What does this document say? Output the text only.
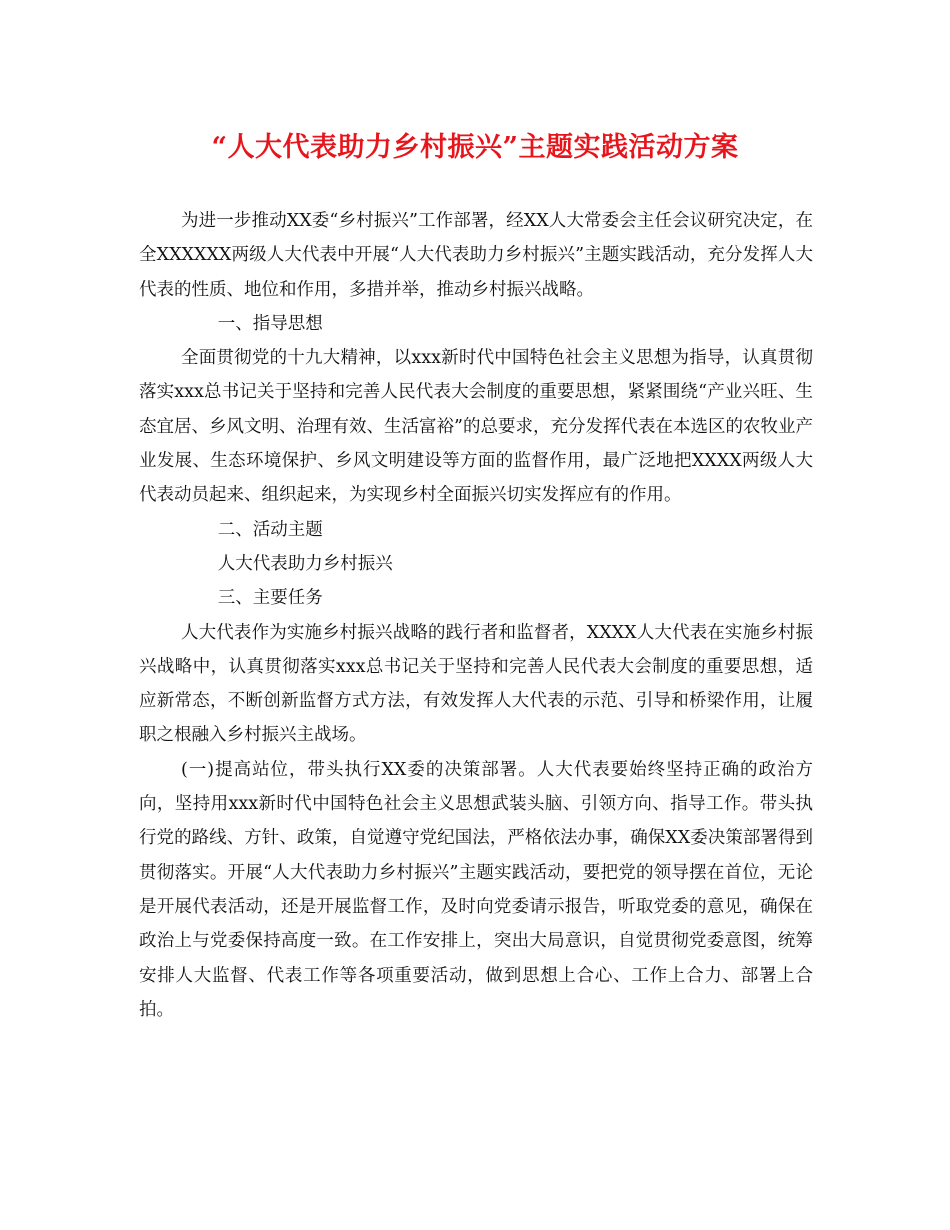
“人大代表助力乡村振兴”主题实践活动方案

为进一步推动XX委“乡村振兴”工作部署，经XX人大常委会主任会议研究决定，在全XXXXXX两级人大代表中开展“人大代表助力乡村振兴”主题实践活动，充分发挥人大代表的性质、地位和作用，多措并举，推动乡村振兴战略。

一、指导思想

全面贯彻党的十九大精神，以xxx新时代中国特色社会主义思想为指导，认真贯彻落实xxx总书记关于坚持和完善人民代表大会制度的重要思想，紧紧围绕“产业兴旺、生态宜居、乡风文明、治理有效、生活富裕”的总要求，充分发挥代表在本选区的农牧业产业发展、生态环境保护、乡风文明建设等方面的监督作用，最广泛地把XXXX两级人大代表动员起来、组织起来，为实现乡村全面振兴切实发挥应有的作用。

二、活动主题

人大代表助力乡村振兴

三、主要任务

人大代表作为实施乡村振兴战略的践行者和监督者，XXXX人大代表在实施乡村振兴战略中，认真贯彻落实xxx总书记关于坚持和完善人民代表大会制度的重要思想，适应新常态，不断创新监督方式方法，有效发挥人大代表的示范、引导和桥梁作用，让履职之根融入乡村振兴主战场。

(一)提高站位，带头执行XX委的决策部署。人大代表要始终坚持正确的政治方向，坚持用xxx新时代中国特色社会主义思想武装头脑、引领方向、指导工作。带头执行党的路线、方针、政策，自觉遵守党纪国法，严格依法办事，确保XX委决策部署得到贯彻落实。开展“人大代表助力乡村振兴”主题实践活动，要把党的领导摆在首位，无论是开展代表活动，还是开展监督工作，及时向党委请示报告，听取党委的意见，确保在政治上与党委保持高度一致。在工作安排上，突出大局意识，自觉贯彻党委意图，统筹安排人大监督、代表工作等各项重要活动，做到思想上合心、工作上合力、部署上合拍。
